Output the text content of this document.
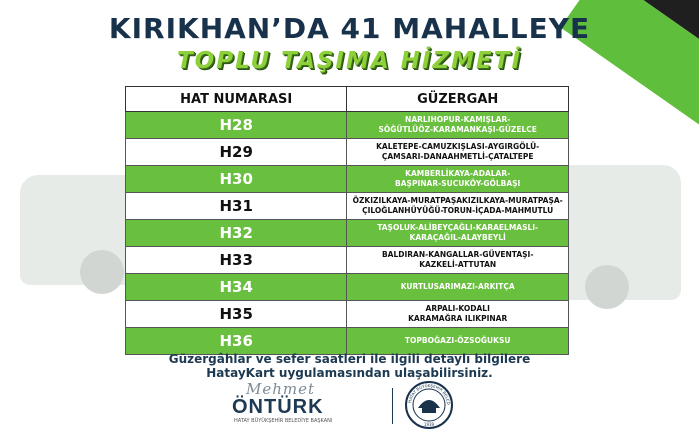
KIRIKHAN’DA 41 MAHALLEYE
TOPLU TAŞIMA HİZMETİ
HAT NUMARASI	GÜZERGAH
H28	NARLIHOPUR-KAMIŞLAR-
SÖĞÜTLÜÖZ-KARAMANKAŞI-GÜZELCE

H29	KALETEPE-CAMUZKIŞLASI-AYGIRGÖLÜ-
ÇAMSARI-DANAAHMETLİ-ÇATALTEPE

H30	KAMBERLİKAYA-ADALAR-
BAŞPINAR-SUCUKÖY-GÖLBAŞI

H31	ÖZKIZILKAYA-MURATPAŞAKIZILKAYA-MURATPAŞA-
ÇILOĞLANHÜYÜĞÜ-TORUN-İÇADA-MAHMUTLU

H32	TAŞOLUK-ALİBEYÇAĞLI-KARAELMASLI-
KARAÇAĞIL-ALAYBEYLİ

H33	BALDIRAN-KANGALLAR-GÜVENTAŞI-
KAZKELİ-ATTUTAN

H34	KURTLUSARIMAZI-ARKITÇA

H35	ARPALI-KODALI
KARAMAĞRA ILIKPINAR

H36	TOPBOĞAZI-ÖZSOĞUKSU
Güzergâhlar ve sefer saatleri ile ilgili detaylı bilgilere
HatayKart uygulamasından ulaşabilirsiniz.
Mehmet
ÖNTÜRK
HATAY BÜYÜKŞEHİR BELEDİYE BAŞKANI
HATAY BÜYÜKŞEHİR BELED
1939
